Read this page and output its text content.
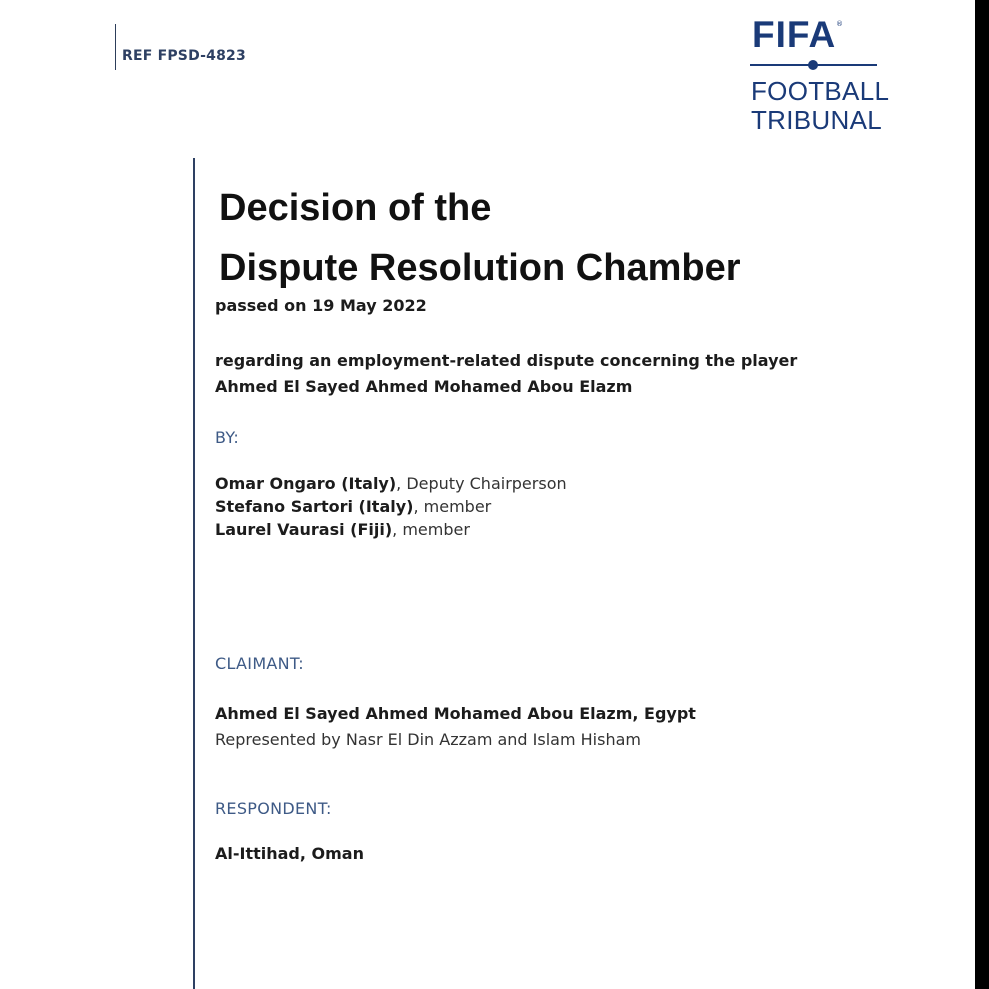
REF FPSD-4823
FIFA ®
FOOTBALL
TRIBUNAL
Decision of the
Dispute Resolution Chamber
passed on 19 May 2022
regarding an employment-related dispute concerning the player
Ahmed El Sayed Ahmed Mohamed Abou Elazm
BY:
Omar Ongaro (Italy), Deputy Chairperson
Stefano Sartori (Italy), member
Laurel Vaurasi (Fiji), member
CLAIMANT:
Ahmed El Sayed Ahmed Mohamed Abou Elazm, Egypt
Represented by Nasr El Din Azzam and Islam Hisham
RESPONDENT:
Al-Ittihad, Oman
